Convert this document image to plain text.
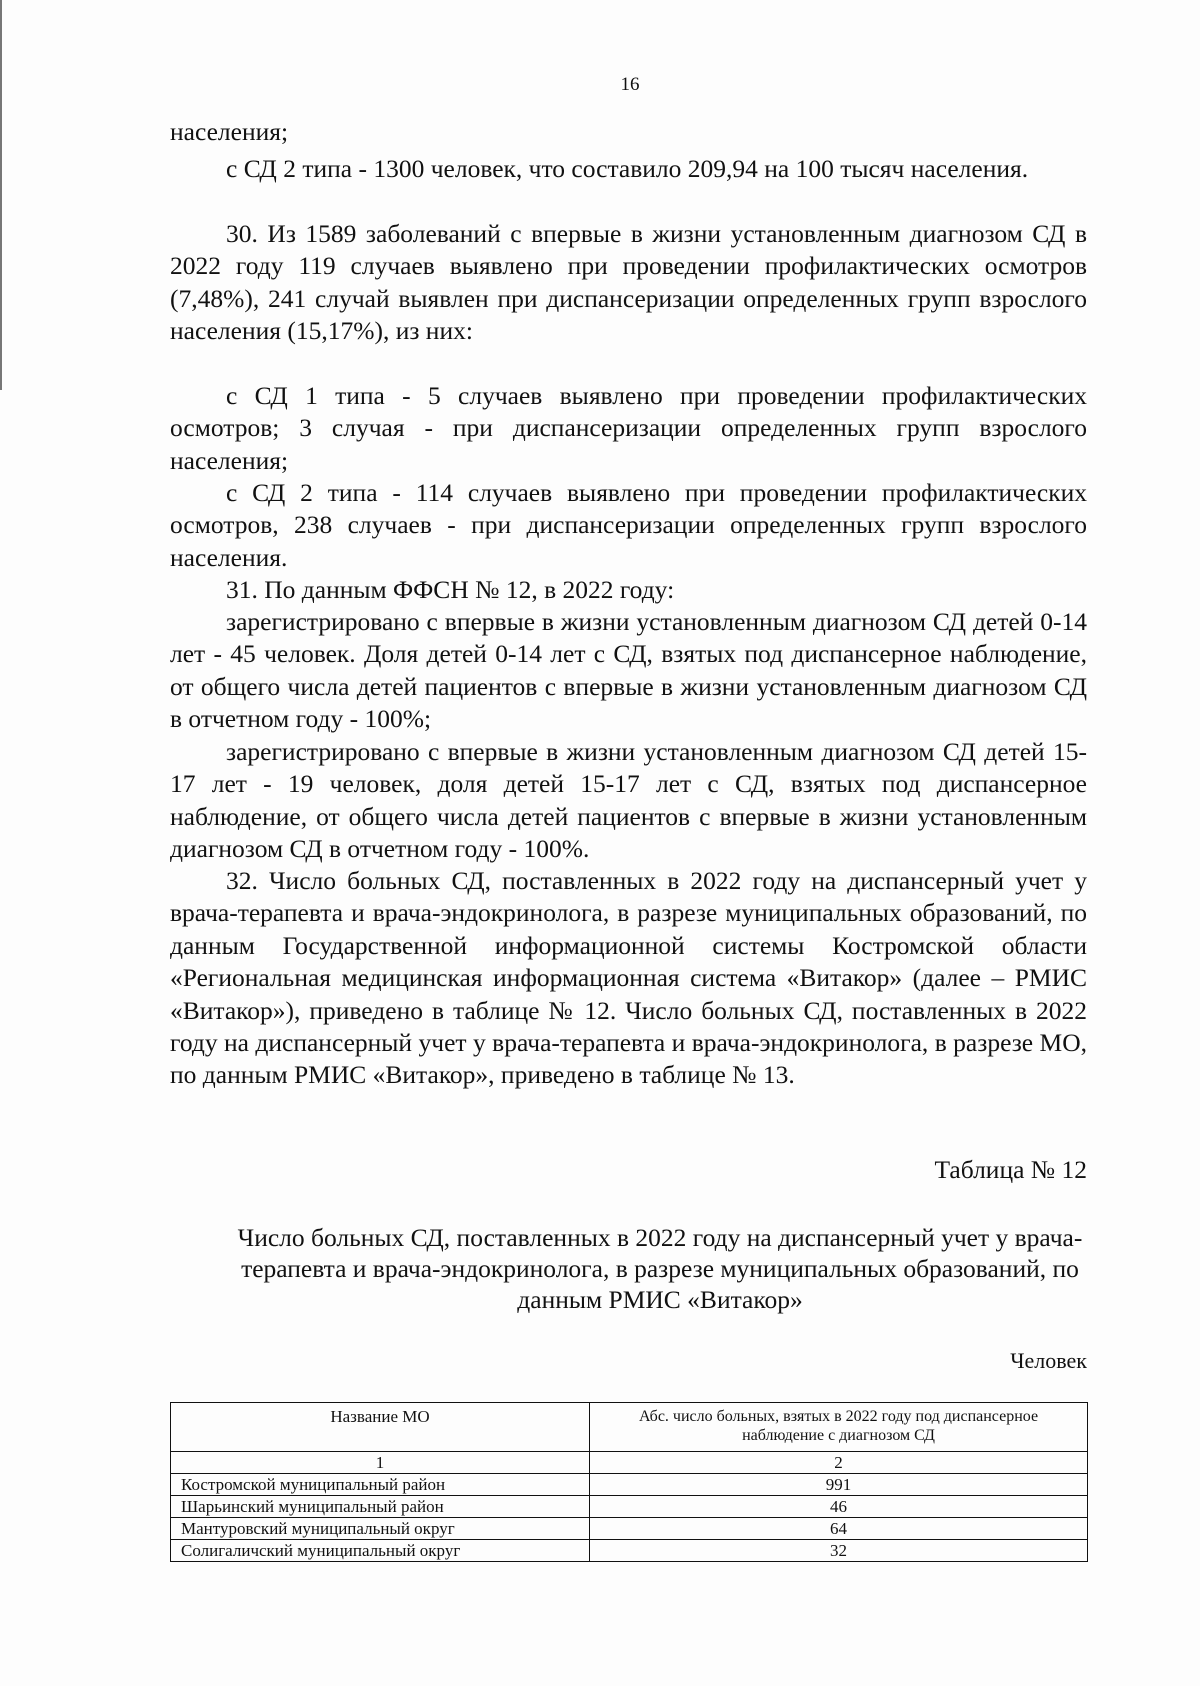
16

населения;

с СД 2 типа - 1300 человек, что составило 209,94 на 100 тысяч населения.

30. Из 1589 заболеваний с впервые в жизни установленным диагнозом СД в 2022 году 119 случаев выявлено при проведении профилактических осмотров (7,48%), 241 случай выявлен при диспансеризации определенных групп взрослого населения (15,17%), из них:

с СД 1 типа - 5 случаев выявлено при проведении профилактических осмотров; 3 случая - при диспансеризации определенных групп взрослого населения;

с СД 2 типа - 114 случаев выявлено при проведении профилактических осмотров, 238 случаев - при диспансеризации определенных групп взрослого населения.

31. По данным ФФСН № 12, в 2022 году:

зарегистрировано с впервые в жизни установленным диагнозом СД детей 0-14 лет - 45 человек. Доля детей 0-14 лет с СД, взятых под диспансерное наблюдение, от общего числа детей пациентов с впервые в жизни установленным диагнозом СД в отчетном году - 100%;

зарегистрировано с впервые в жизни установленным диагнозом СД детей 15-17 лет - 19 человек, доля детей 15-17 лет с СД, взятых под диспансерное наблюдение, от общего числа детей пациентов с впервые в жизни установленным диагнозом СД в отчетном году - 100%.

32. Число больных СД, поставленных в 2022 году на диспансерный учет у врача-терапевта и врача-эндокринолога, в разрезе муниципальных образований, по данным Государственной информационной системы Костромской области «Региональная медицинская информационная система «Витакор» (далее – РМИС «Витакор»), приведено в таблице № 12. Число больных СД, поставленных в 2022 году на диспансерный учет у врача-терапевта и врача-эндокринолога, в разрезе МО, по данным РМИС «Витакор», приведено в таблице № 13.

Таблица № 12

Число больных СД, поставленных в 2022 году на диспансерный учет у врача-терапевта и врача-эндокринолога, в разрезе муниципальных образований, по данным РМИС «Витакор»

Человек
Название МО	Абс. число больных, взятых в 2022 году под диспансерное наблюдение с диагнозом СД
1	2
Костромской муниципальный район	991
Шарьинский муниципальный район	46
Мантуровский муниципальный округ	64
Солигаличский муниципальный округ	32
